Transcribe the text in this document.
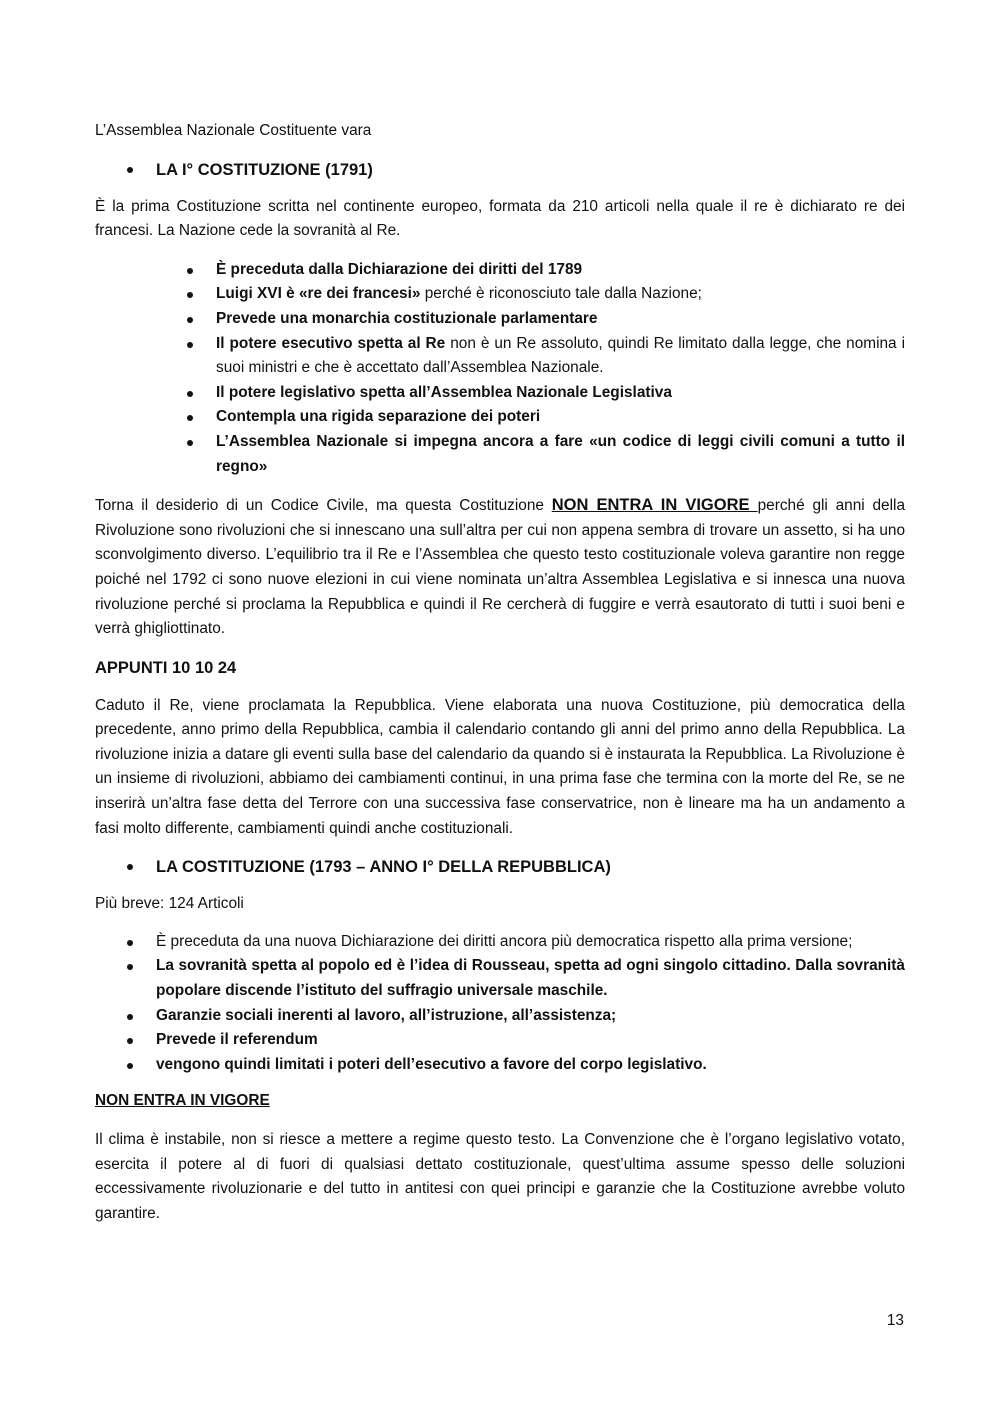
L’Assemblea Nazionale Costituente vara

LA I° COSTITUZIONE (1791)

È la prima Costituzione scritta nel continente europeo, formata da 210 articoli nella quale il re è dichiarato re dei francesi. La Nazione cede la sovranità al Re.

È preceduta dalla Dichiarazione dei diritti del 1789
Luigi XVI è «re dei francesi» perché è riconosciuto tale dalla Nazione;
Prevede una monarchia costituzionale parlamentare
Il potere esecutivo spetta al Re non è un Re assoluto, quindi Re limitato dalla legge, che nomina i suoi ministri e che è accettato dall’Assemblea Nazionale.
Il potere legislativo spetta all’Assemblea Nazionale Legislativa
Contempla una rigida separazione dei poteri
L’Assemblea Nazionale si impegna ancora a fare «un codice di leggi civili comuni a tutto il regno»

Torna il desiderio di un Codice Civile, ma questa Costituzione NON ENTRA IN VIGORE perché gli anni della Rivoluzione sono rivoluzioni che si innescano una sull’altra per cui non appena sembra di trovare un assetto, si ha uno sconvolgimento diverso. L’equilibrio tra il Re e l’Assemblea che questo testo costituzionale voleva garantire non regge poiché nel 1792 ci sono nuove elezioni in cui viene nominata un’altra Assemblea Legislativa e si innesca una nuova rivoluzione perché si proclama la Repubblica e quindi il Re cercherà di fuggire e verrà esautorato di tutti i suoi beni e verrà ghigliottinato.

APPUNTI 10 10 24

Caduto il Re, viene proclamata la Repubblica. Viene elaborata una nuova Costituzione, più democratica della precedente, anno primo della Repubblica, cambia il calendario contando gli anni del primo anno della Repubblica. La rivoluzione inizia a datare gli eventi sulla base del calendario da quando si è instaurata la Repubblica. La Rivoluzione è un insieme di rivoluzioni, abbiamo dei cambiamenti continui, in una prima fase che termina con la morte del Re, se ne inserirà un’altra fase detta del Terrore con una successiva fase conservatrice, non è lineare ma ha un andamento a fasi molto differente, cambiamenti quindi anche costituzionali.

LA COSTITUZIONE (1793 – ANNO I° DELLA REPUBBLICA)

Più breve: 124 Articoli

È preceduta da una nuova Dichiarazione dei diritti ancora più democratica rispetto alla prima versione;
La sovranità spetta al popolo ed è l’idea di Rousseau, spetta ad ogni singolo cittadino. Dalla sovranità popolare discende l’istituto del suffragio universale maschile.
Garanzie sociali inerenti al lavoro, all’istruzione, all’assistenza;
Prevede il referendum
vengono quindi limitati i poteri dell’esecutivo a favore del corpo legislativo.

NON ENTRA IN VIGORE

Il clima è instabile, non si riesce a mettere a regime questo testo. La Convenzione che è l’organo legislativo votato, esercita il potere al di fuori di qualsiasi dettato costituzionale, quest’ultima assume spesso delle soluzioni eccessivamente rivoluzionarie e del tutto in antitesi con quei principi e garanzie che la Costituzione avrebbe voluto garantire.

13
